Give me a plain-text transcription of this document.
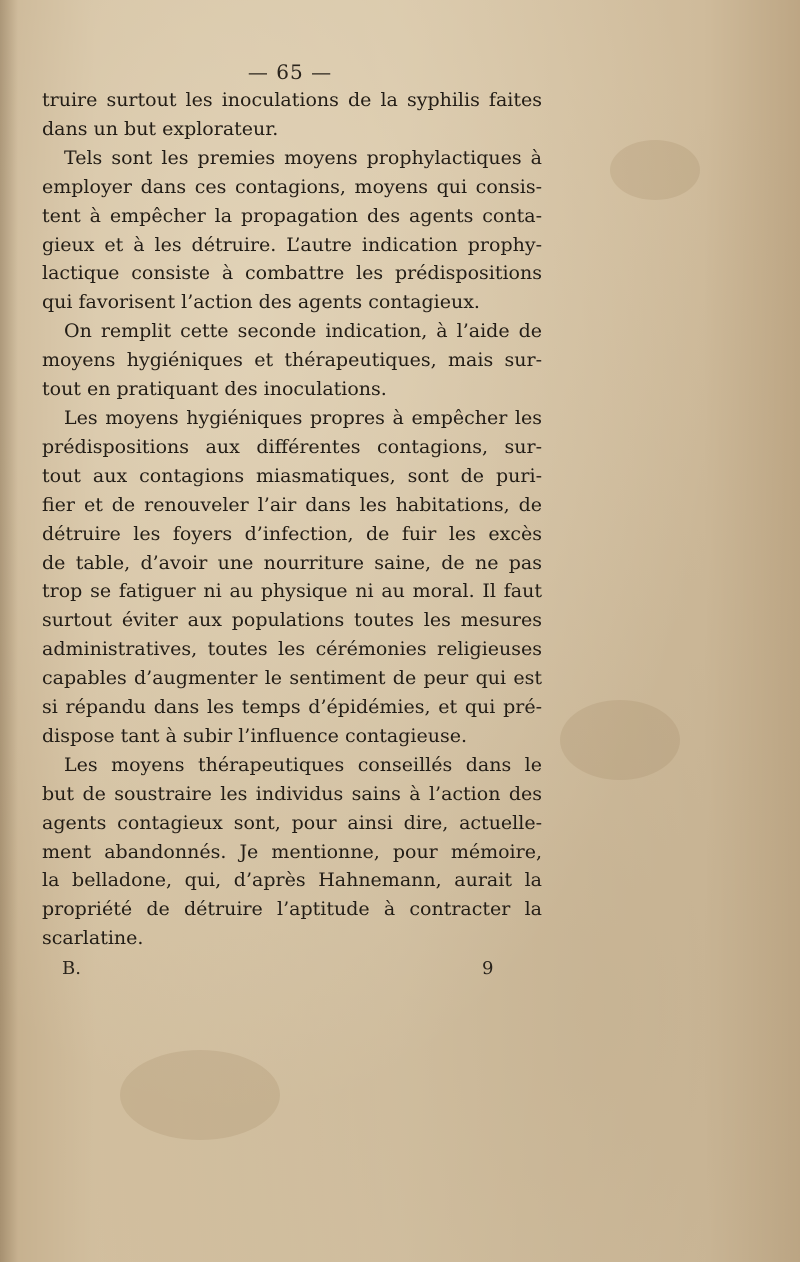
— 65 —
truire surtout les inoculations de la syphilis faites
dans un but explorateur.
Tels sont les premies moyens prophylactiques à
employer dans ces contagions, moyens qui consis-
tent à empêcher la propagation des agents conta-
gieux et à les détruire. L’autre indication prophy-
lactique consiste à combattre les prédispositions
qui favorisent l’action des agents contagieux.
On remplit cette seconde indication, à l’aide de
moyens hygiéniques et thérapeutiques, mais sur-
tout en pratiquant des inoculations.
Les moyens hygiéniques propres à empêcher les
prédispositions aux différentes contagions, sur-
tout aux contagions miasmatiques, sont de puri-
fier et de renouveler l’air dans les habitations, de
détruire les foyers d’infection, de fuir les excès
de table, d’avoir une nourriture saine, de ne pas
trop se fatiguer ni au physique ni au moral. Il faut
surtout éviter aux populations toutes les mesures
administratives, toutes les cérémonies religieuses
capables d’augmenter le sentiment de peur qui est
si répandu dans les temps d’épidémies, et qui pré-
dispose tant à subir l’influence contagieuse.
Les moyens thérapeutiques conseillés dans le
but de soustraire les individus sains à l’action des
agents contagieux sont, pour ainsi dire, actuelle-
ment abandonnés. Je mentionne, pour mémoire,
la belladone, qui, d’après Hahnemann, aurait la
propriété de détruire l’aptitude à contracter la
scarlatine.
B.	9
